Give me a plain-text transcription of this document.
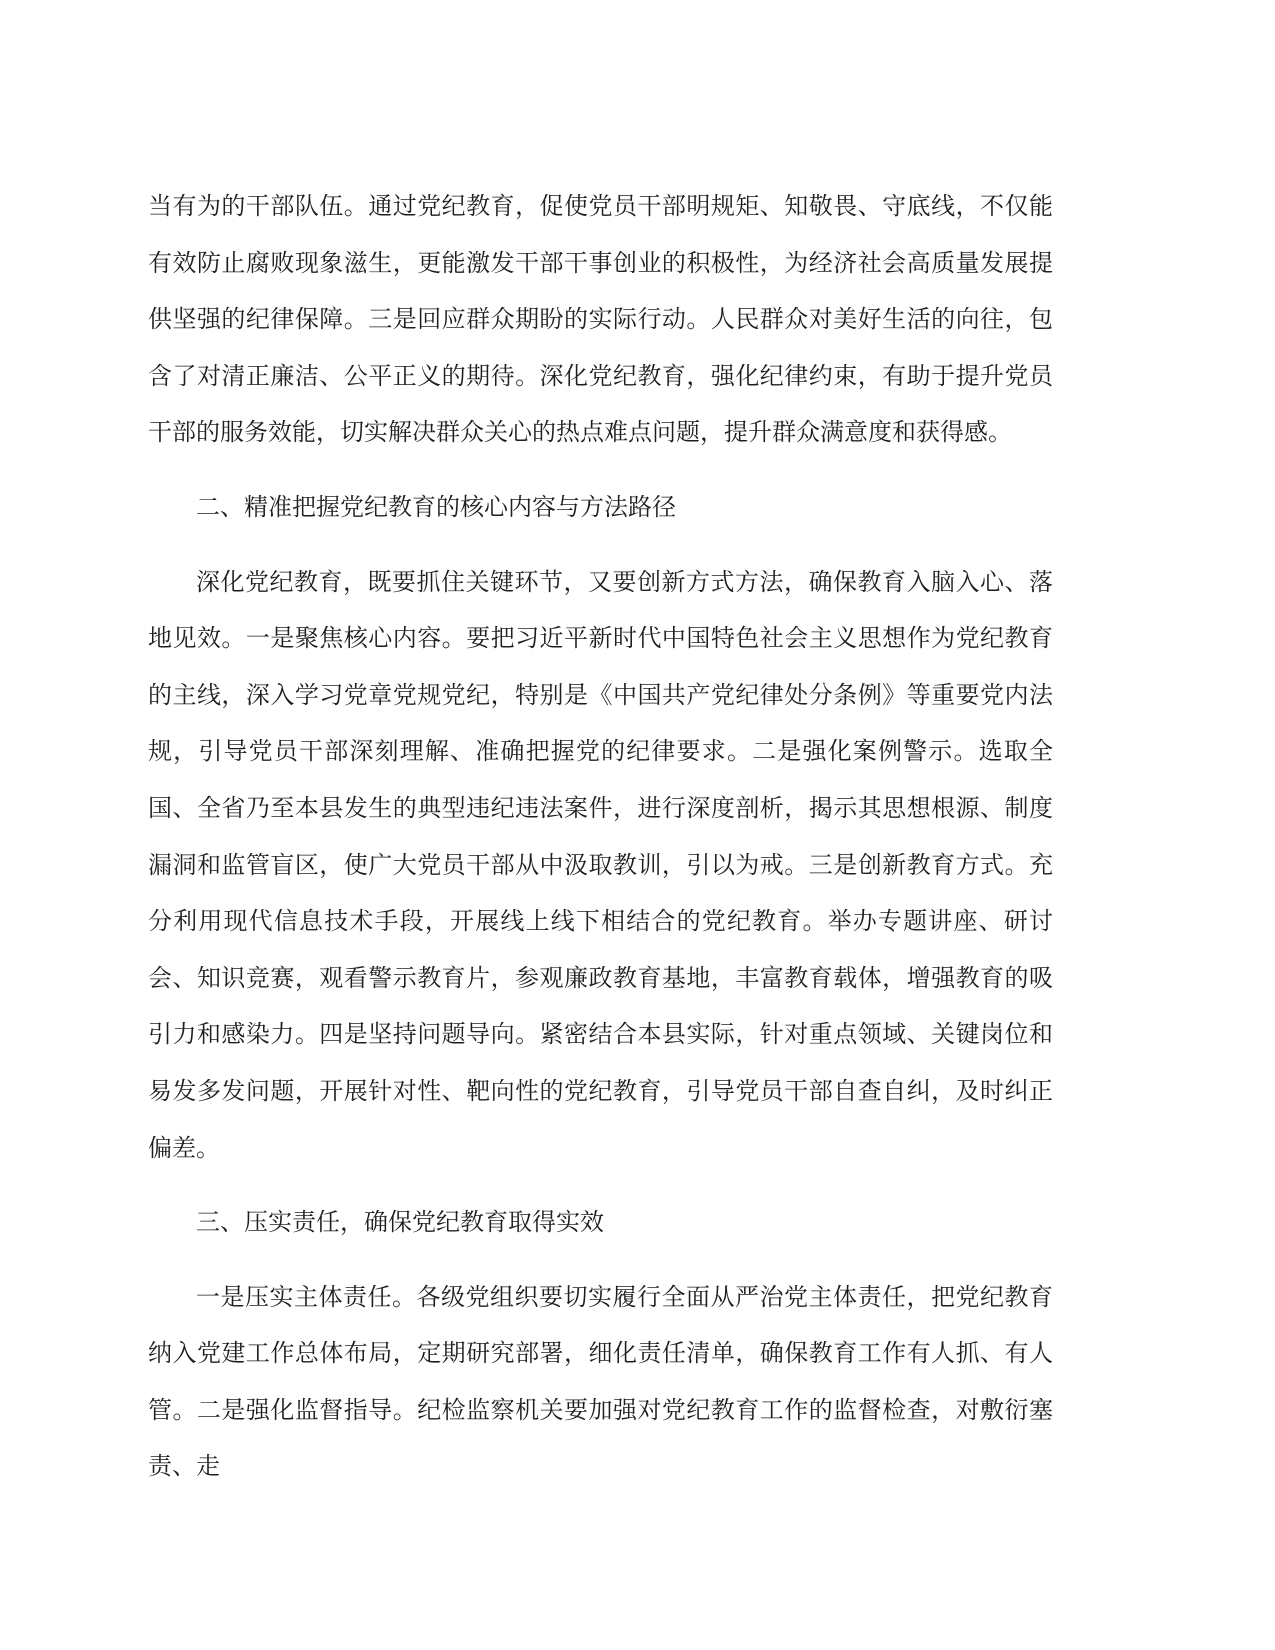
当有为的干部队伍。通过党纪教育，促使党员干部明规矩、知敬畏、守底线，不仅能有效防止腐败现象滋生，更能激发干部干事创业的积极性，为经济社会高质量发展提供坚强的纪律保障。三是回应群众期盼的实际行动。人民群众对美好生活的向往，包含了对清正廉洁、公平正义的期待。深化党纪教育，强化纪律约束，有助于提升党员干部的服务效能，切实解决群众关心的热点难点问题，提升群众满意度和获得感。

二、精准把握党纪教育的核心内容与方法路径

深化党纪教育，既要抓住关键环节，又要创新方式方法，确保教育入脑入心、落地见效。一是聚焦核心内容。要把习近平新时代中国特色社会主义思想作为党纪教育的主线，深入学习党章党规党纪，特别是《中国共产党纪律处分条例》等重要党内法规，引导党员干部深刻理解、准确把握党的纪律要求。二是强化案例警示。选取全国、全省乃至本县发生的典型违纪违法案件，进行深度剖析，揭示其思想根源、制度漏洞和监管盲区，使广大党员干部从中汲取教训，引以为戒。三是创新教育方式。充分利用现代信息技术手段，开展线上线下相结合的党纪教育。举办专题讲座、研讨会、知识竞赛，观看警示教育片，参观廉政教育基地，丰富教育载体，增强教育的吸引力和感染力。四是坚持问题导向。紧密结合本县实际，针对重点领域、关键岗位和易发多发问题，开展针对性、靶向性的党纪教育，引导党员干部自查自纠，及时纠正偏差。

三、压实责任，确保党纪教育取得实效

一是压实主体责任。各级党组织要切实履行全面从严治党主体责任，把党纪教育纳入党建工作总体布局，定期研究部署，细化责任清单，确保教育工作有人抓、有人管。二是强化监督指导。纪检监察机关要加强对党纪教育工作的监督检查，对敷衍塞责、走
